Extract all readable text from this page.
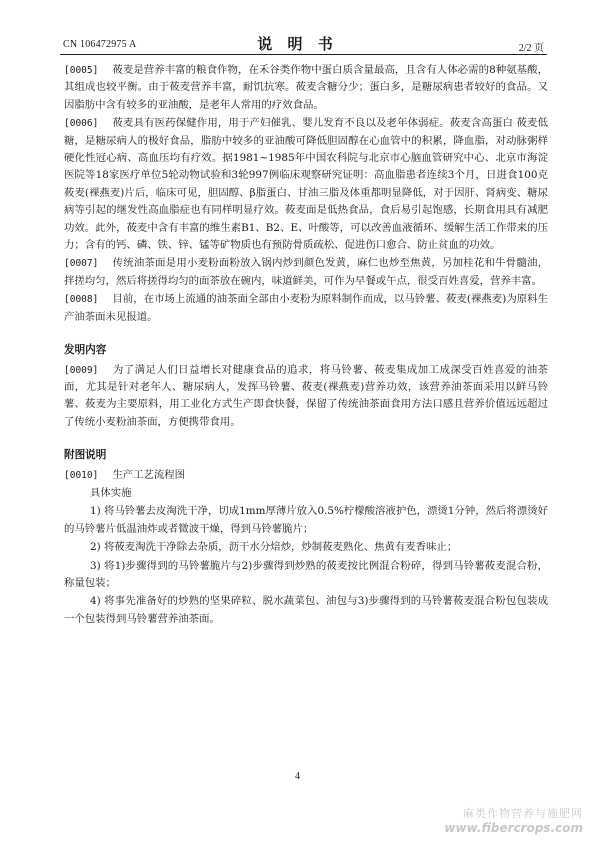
CN 106472975 A	说 明 书	2/2 页

[0005] 莜麦是营养丰富的粮食作物，在禾谷类作物中蛋白质含量最高，且含有人体必需的8种氨基酸，其组成也较平衡。由于莜麦营养丰富，耐饥抗寒。莜麦含糖分少；蛋白多，是糖尿病患者较好的食品。又因脂肪中含有较多的亚油酸，是老年人常用的疗效食品。

[0006] 莜麦具有医药保健作用，用于产妇催乳、婴儿发育不良以及老年体弱症。莜麦含高蛋白 莜麦低糖，是糖尿病人的极好食品，脂肪中较多的亚油酸可降低胆固醇在心血管中的积累，降血脂，对动脉粥样硬化性冠心病、高血压均有疗效。据1981~1985年中国农科院与北京市心脑血管研究中心、北京市海淀医院等18家医疗单位5轮动物试验和3轮997例临床观察研究证明：高血脂患者连续3个月，日进食100克莜麦(裸燕麦)片后，临床可见，胆固醇、β脂蛋白、甘油三脂及体重都明显降低，对于因肝、肾病变、糖尿病等引起的继发性高血脂症也有同样明显疗效。莜麦面是低热食品，食后易引起饱感，长期食用具有减肥功效。此外，莜麦中含有丰富的维生素B1、B2、E、叶酸等，可以改善血液循环、缓解生活工作带来的压力；含有的钙、磷、铁、锌、锰等矿物质也有预防骨质疏松、促进伤口愈合、防止贫血的功效。

[0007] 传统油茶面是用小麦粉面粉放入锅内炒到颜色发黄，麻仁也炒至焦黄，另加桂花和牛骨髓油，拌搓均匀，然后将搓得均匀的面茶放在碗内，味道鲜美，可作为早餐或午点，很受百姓喜爱，营养丰富。

[0008] 目前，在市场上流通的油茶面全部由小麦粉为原料制作而成，以马铃薯、莜麦(裸燕麦)为原料生产油茶面未见报道。

发明内容

[0009] 为了满足人们日益增长对健康食品的追求，将马铃薯、莜麦集成加工成深受百姓喜爱的油茶面，尤其是针对老年人、糖尿病人，发挥马铃薯、莜麦(裸燕麦)营养功效，该营养油茶面采用以鲜马铃薯、莜麦为主要原料，用工业化方式生产即食快餐，保留了传统油茶面食用方法口感且营养价值远远超过了传统小麦粉油茶面，方便携带食用。

附图说明

[0010] 生产工艺流程图

具体实施

1) 将马铃薯去皮淘洗干净，切成1mm厚薄片放入0.5%柠檬酸溶液护色，漂烫1分钟，然后将漂烫好的马铃薯片低温油炸或者微波干燥，得到马铃薯脆片；

2) 将莜麦淘洗干净除去杂质，沥干水分焙炒，炒制莜麦熟化、焦黄有麦香味止；

3) 将1)步骤得到的马铃薯脆片与2)步骤得到炒熟的莜麦按比例混合粉碎，得到马铃薯莜麦混合粉，称量包装；

4) 将事先准备好的炒熟的坚果碎粒、脱水蔬菜包、油包与3)步骤得到的马铃薯莜麦混合粉包包装成一个包装得到马铃薯营养油茶面。

4
麻类作物营养与施肥网
www.fibercrops.com
